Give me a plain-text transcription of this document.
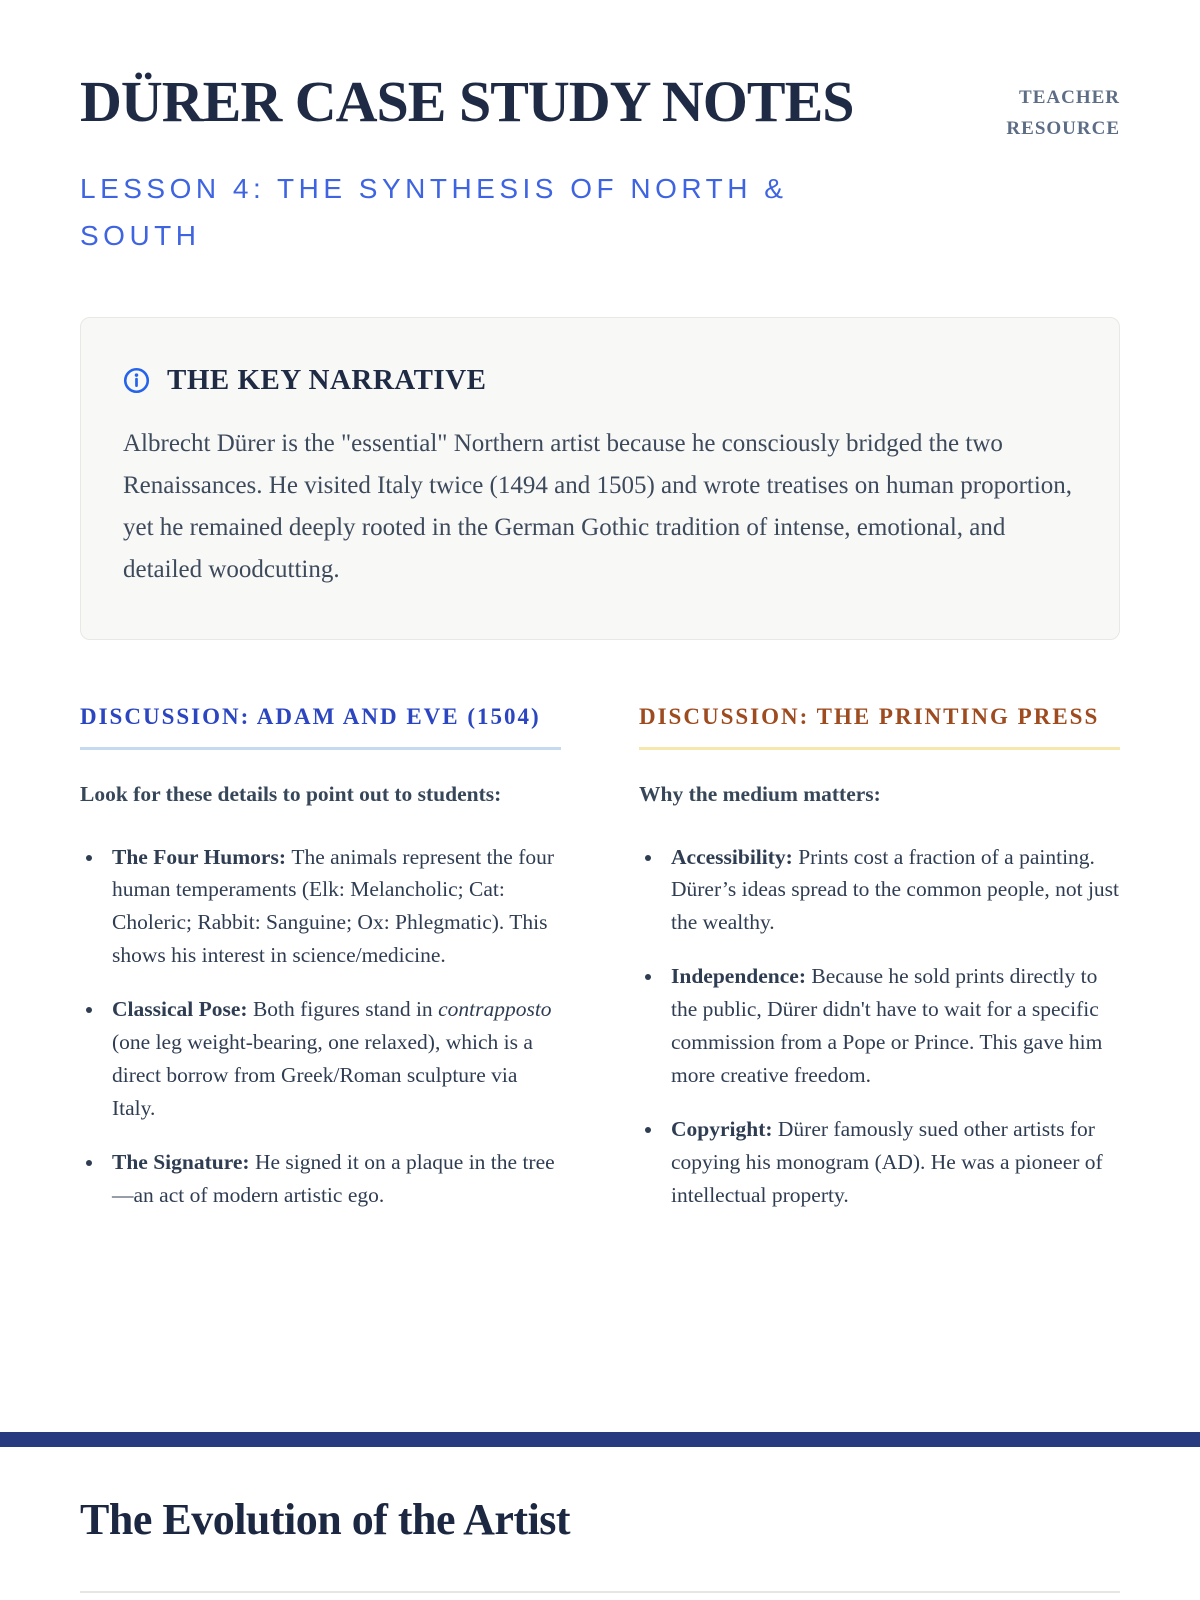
DÜRER CASE STUDY NOTES	TEACHER
RESOURCE
LESSON 4: THE SYNTHESIS OF NORTH & SOUTH
THE KEY NARRATIVE

Albrecht Dürer is the "essential" Northern artist because he consciously bridged the two Renaissances. He visited Italy twice (1494 and 1505) and wrote treatises on human proportion, yet he remained deeply rooted in the German Gothic tradition of intense, emotional, and detailed woodcutting.

DISCUSSION: ADAM AND EVE (1504)

Look for these details to point out to students:

• The Four Humors: The animals represent the four human temperaments (Elk: Melancholic; Cat: Choleric; Rabbit: Sanguine; Ox: Phlegmatic). This shows his interest in science/medicine.
• Classical Pose: Both figures stand in contrapposto (one leg weight-bearing, one relaxed), which is a direct borrow from Greek/Roman sculpture via Italy.
• The Signature: He signed it on a plaque in the tree—an act of modern artistic ego.
DISCUSSION: THE PRINTING PRESS

Why the medium matters:

• Accessibility: Prints cost a fraction of a painting. Dürer’s ideas spread to the common people, not just the wealthy.
• Independence: Because he sold prints directly to the public, Dürer didn't have to wait for a specific commission from a Pope or Prince. This gave him more creative freedom.
• Copyright: Dürer famously sued other artists for copying his monogram (AD). He was a pioneer of intellectual property.
The Evolution of the Artist
